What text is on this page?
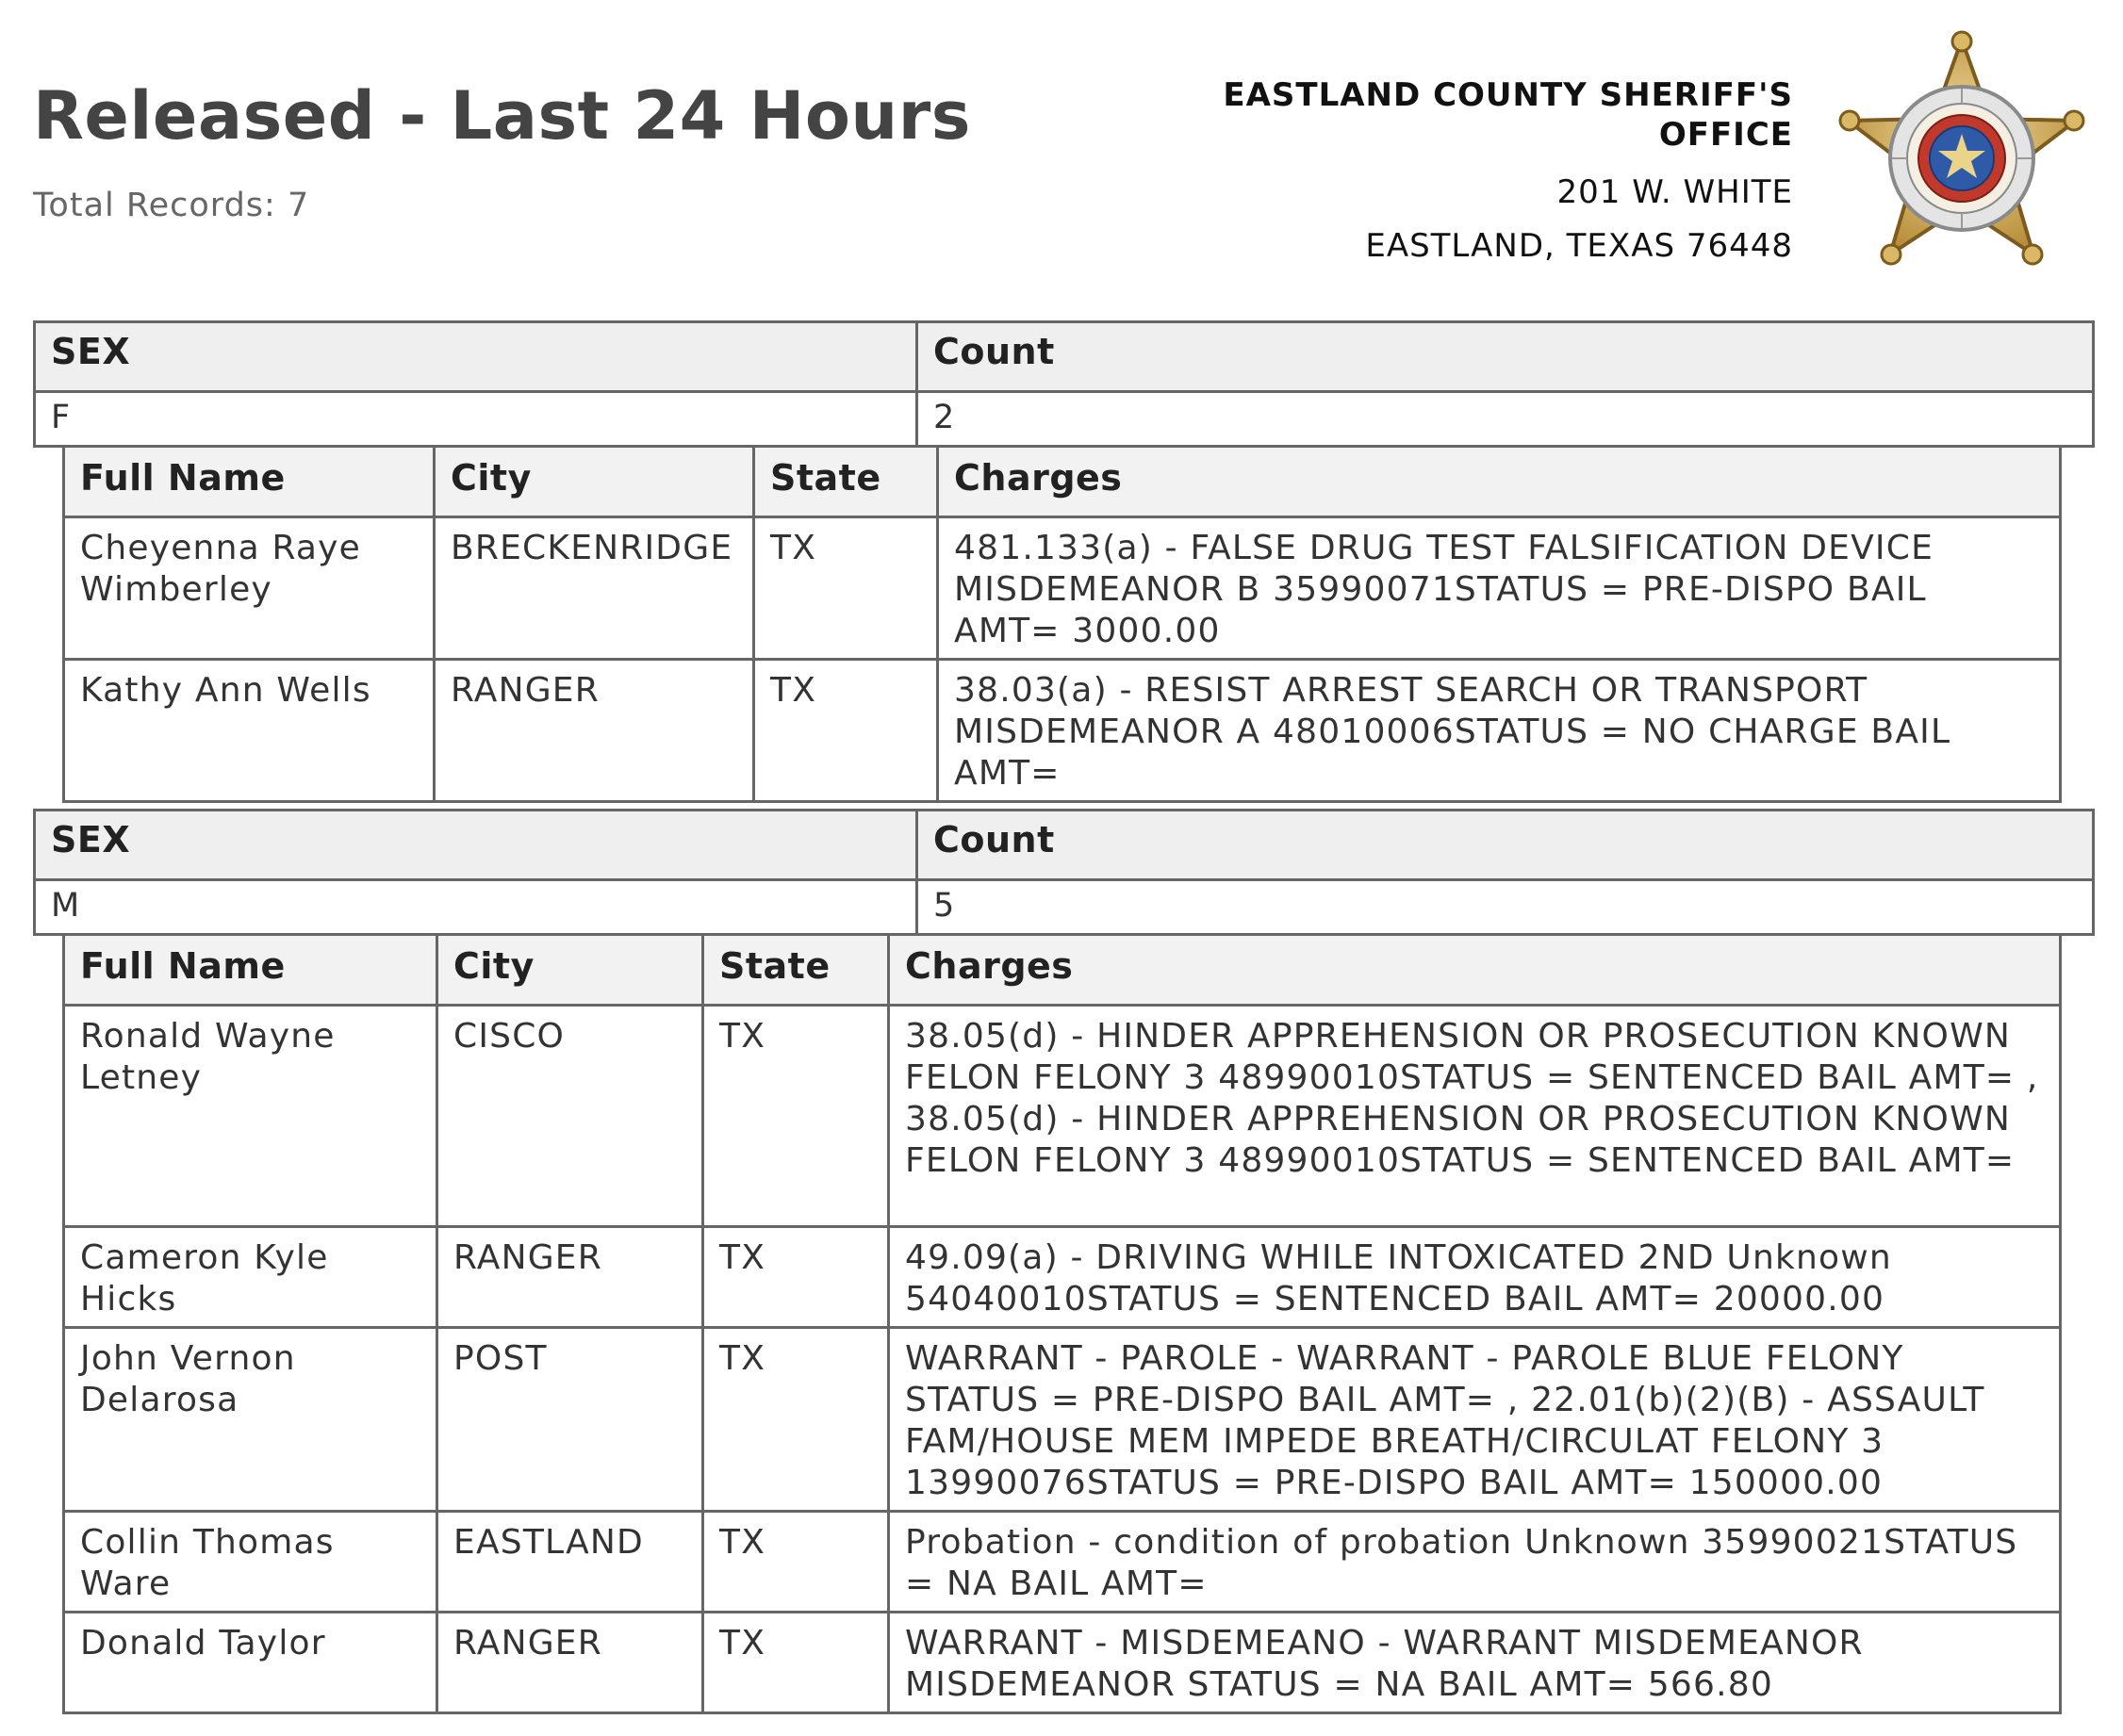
Released - Last 24 Hours
Total Records: 7
EASTLAND COUNTY SHERIFF'S
OFFICE
201 W. WHITE
EASTLAND, TEXAS 76448
SEX	Count
F	2
Full Name	City	State	Charges
Cheyenna Raye Wimberley	BRECKENRIDGE	TX	481.133(a) - FALSE DRUG TEST FALSIFICATION DEVICE MISDEMEANOR B 35990071STATUS = PRE-DISPO BAIL AMT= 3000.00
Kathy Ann Wells	RANGER	TX	38.03(a) - RESIST ARREST SEARCH OR TRANSPORT MISDEMEANOR A 48010006STATUS = NO CHARGE BAIL AMT=
SEX	Count
M	5
Full Name	City	State	Charges
Ronald Wayne Letney	CISCO	TX	38.05(d) - HINDER APPREHENSION OR PROSECUTION KNOWN FELON FELONY 3 48990010STATUS = SENTENCED BAIL AMT= , 38.05(d) - HINDER APPREHENSION OR PROSECUTION KNOWN FELON FELONY 3 48990010STATUS = SENTENCED BAIL AMT=
Cameron Kyle Hicks	RANGER	TX	49.09(a) - DRIVING WHILE INTOXICATED 2ND Unknown 54040010STATUS = SENTENCED BAIL AMT= 20000.00
John Vernon Delarosa	POST	TX	WARRANT - PAROLE - WARRANT - PAROLE BLUE FELONY STATUS = PRE-DISPO BAIL AMT= , 22.01(b)(2)(B) - ASSAULT FAM/HOUSE MEM IMPEDE BREATH/CIRCULAT FELONY 3 13990076STATUS = PRE-DISPO BAIL AMT= 150000.00
Collin Thomas Ware	EASTLAND	TX	Probation - condition of probation Unknown 35990021STATUS = NA BAIL AMT=
Donald Taylor	RANGER	TX	WARRANT - MISDEMEANO - WARRANT MISDEMEANOR MISDEMEANOR STATUS = NA BAIL AMT= 566.80
